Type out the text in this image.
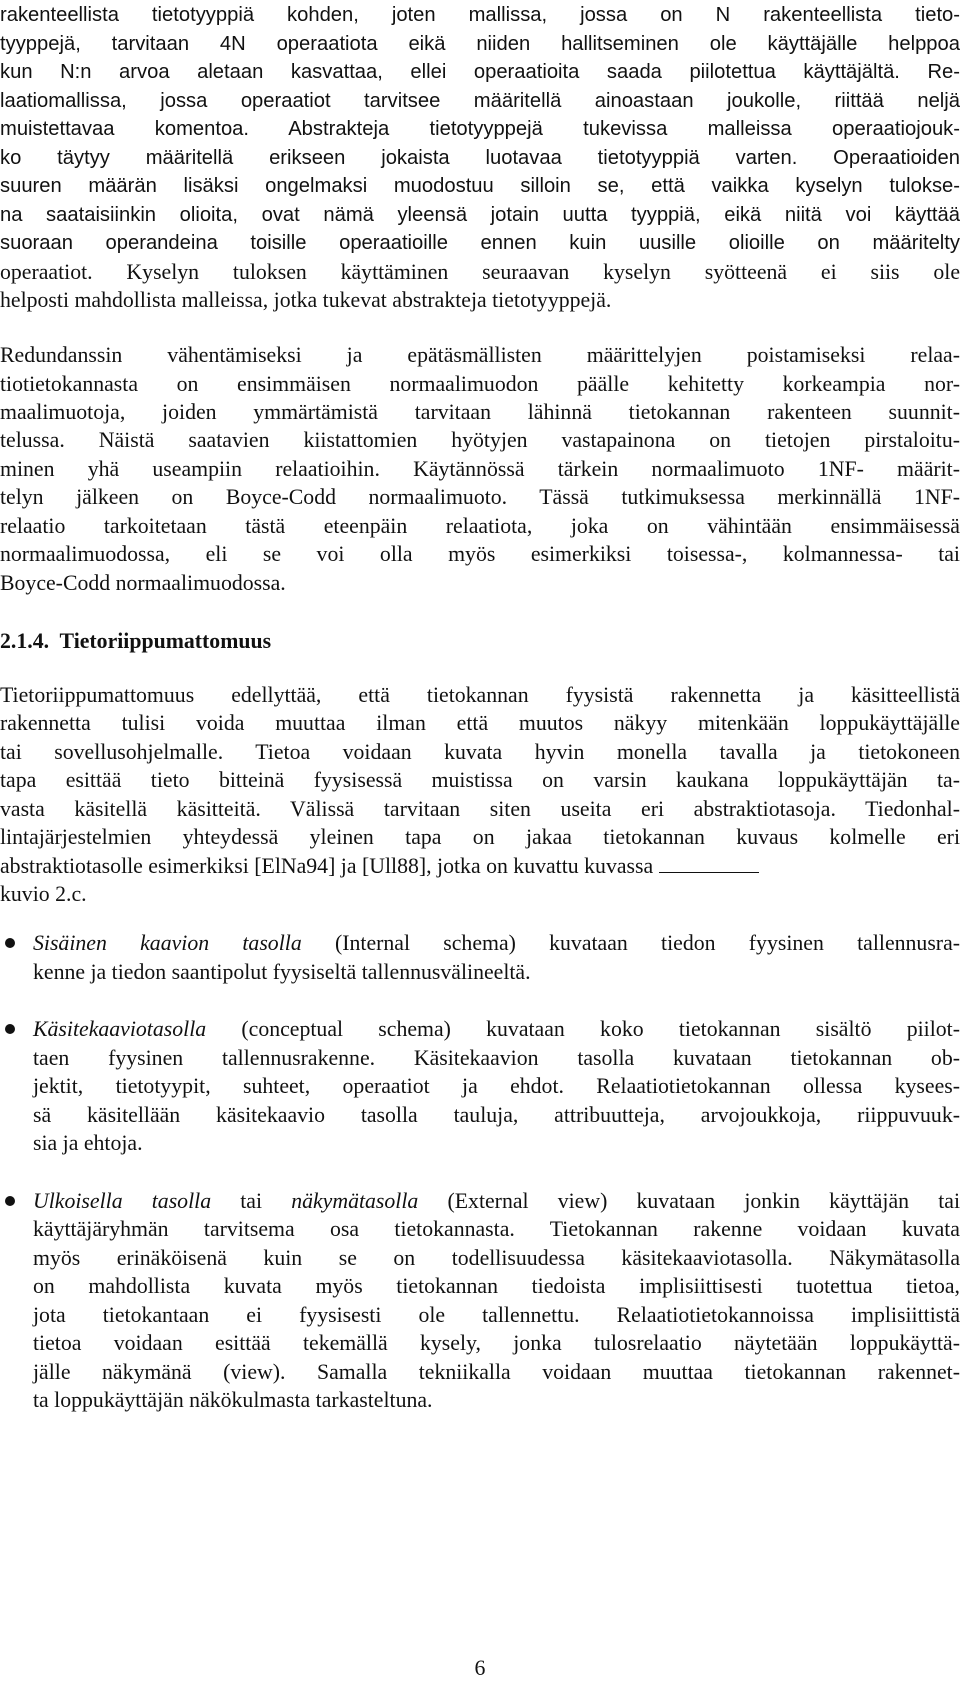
rakenteellista tietotyyppiä kohden, joten mallissa, jossa on N rakenteellista tieto-
tyyppejä, tarvitaan 4N operaatiota eikä niiden hallitseminen ole käyttäjälle helppoa
kun N:n arvoa aletaan kasvattaa, ellei operaatioita saada piilotettua käyttäjältä. Re-
laatiomallissa, jossa operaatiot tarvitsee määritellä ainoastaan joukolle, riittää neljä
muistettavaa komentoa. Abstrakteja tietotyyppejä tukevissa malleissa operaatiojouk-
ko täytyy määritellä erikseen jokaista luotavaa tietotyyppiä varten. Operaatioiden
suuren määrän lisäksi ongelmaksi muodostuu silloin se, että vaikka kyselyn tulokse-
na saataisiinkin olioita, ovat nämä yleensä jotain uutta tyyppiä, eikä niitä voi käyttää
suoraan operandeina toisille operaatioille ennen kuin uusille olioille on määritelty
operaatiot. Kyselyn tuloksen käyttäminen seuraavan kyselyn syötteenä ei siis ole
helposti mahdollista malleissa, jotka tukevat abstrakteja tietotyyppejä.
Redundanssin vähentämiseksi ja epätäsmällisten määrittelyjen poistamiseksi relaa-
tiotietokannasta on ensimmäisen normaalimuodon päälle kehitetty korkeampia nor-
maalimuotoja, joiden ymmärtämistä tarvitaan lähinnä tietokannan rakenteen suunnit-
telussa. Näistä saatavien kiistattomien hyötyjen vastapainona on tietojen pirstaloitu-
minen yhä useampiin relaatioihin. Käytännössä tärkein normaalimuoto 1NF- määrit-
telyn jälkeen on Boyce-Codd normaalimuoto. Tässä tutkimuksessa merkinnällä 1NF-
relaatio tarkoitetaan tästä eteenpäin relaatiota, joka on vähintään ensimmäisessä
normaalimuodossa, eli se voi olla myös esimerkiksi toisessa-, kolmannessa- tai
Boyce-Codd normaalimuodossa.
2.1.4.  Tietoriippumattomuus
Tietoriippumattomuus edellyttää, että tietokannan fyysistä rakennetta ja käsitteellistä
rakennetta tulisi voida muuttaa ilman että muutos näkyy mitenkään loppukäyttäjälle
tai sovellusohjelmalle. Tietoa voidaan kuvata hyvin monella tavalla ja tietokoneen
tapa esittää tieto bitteinä fyysisessä muistissa on varsin kaukana loppukäyttäjän ta-
vasta käsitellä käsitteitä. Välissä tarvitaan siten useita eri abstraktiotasoja. Tiedonhal-
lintajärjestelmien yhteydessä yleinen tapa on jakaa tietokannan kuvaus kolmelle eri
abstraktiotasolle esimerkiksi [ElNa94] ja [Ull88], jotka on kuvattu kuvassa
kuvio 2.c.
Sisäinen kaavion tasolla (Internal schema) kuvataan tiedon fyysinen tallennusra-
kenne ja tiedon saantipolut fyysiseltä tallennusvälineeltä.
Käsitekaaviotasolla (conceptual schema) kuvataan koko tietokannan sisältö piilot-
taen fyysinen tallennusrakenne. Käsitekaavion tasolla kuvataan tietokannan ob-
jektit, tietotyypit, suhteet, operaatiot ja ehdot. Relaatiotietokannan ollessa kysees-
sä käsitellään käsitekaavio tasolla tauluja, attribuutteja, arvojoukkoja, riippuvuuk-
sia ja ehtoja.
Ulkoisella tasolla tai näkymätasolla (External view) kuvataan jonkin käyttäjän tai
käyttäjäryhmän tarvitsema osa tietokannasta. Tietokannan rakenne voidaan kuvata
myös erinäköisenä kuin se on todellisuudessa käsitekaaviotasolla. Näkymätasolla
on mahdollista kuvata myös tietokannan tiedoista implisiittisesti tuotettua tietoa,
jota tietokantaan ei fyysisesti ole tallennettu. Relaatiotietokannoissa implisiittistä
tietoa voidaan esittää tekemällä kysely, jonka tulosrelaatio näytetään loppukäyttä-
jälle näkymänä (view). Samalla tekniikalla voidaan muuttaa tietokannan rakennet-
ta loppukäyttäjän näkökulmasta tarkasteltuna.
6
